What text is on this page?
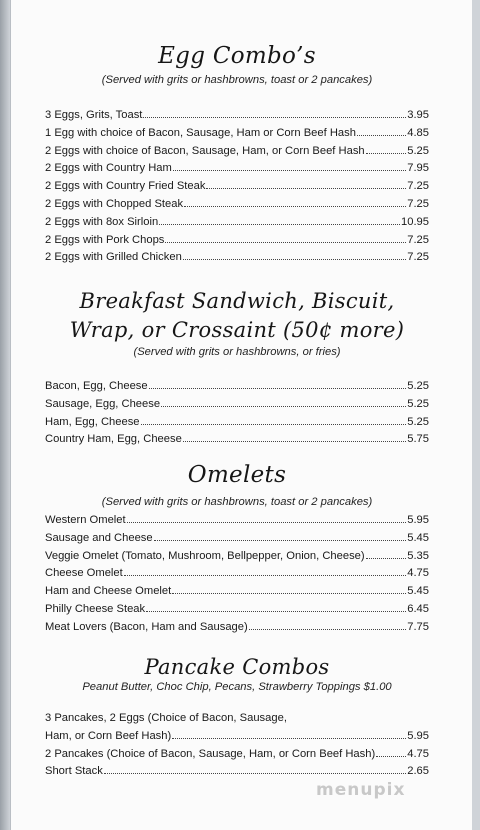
Egg Combo’s
(Served with grits or hashbrowns, toast or 2 pancakes)
3 Eggs, Grits, Toast	3.95
1 Egg with choice of Bacon, Sausage, Ham or Corn Beef Hash	4.85
2 Eggs with choice of Bacon, Sausage, Ham, or Corn Beef Hash	5.25
2 Eggs with Country Ham	7.95
2 Eggs with Country Fried Steak	7.25
2 Eggs with Chopped Steak	7.25
2 Eggs with 8ox Sirloin	10.95
2 Eggs with Pork Chops	7.25
2 Eggs with Grilled Chicken	7.25
Breakfast Sandwich, Biscuit,
Wrap, or Crossaint (50¢ more)
(Served with grits or hashbrowns, or fries)
Bacon, Egg, Cheese	5.25
Sausage, Egg, Cheese	5.25
Ham, Egg, Cheese	5.25
Country Ham, Egg, Cheese	5.75
Omelets
(Served with grits or hashbrowns, toast or 2 pancakes)
Western Omelet	5.95
Sausage and Cheese	5.45
Veggie Omelet (Tomato, Mushroom, Bellpepper, Onion, Cheese)	5.35
Cheese Omelet	4.75
Ham and Cheese Omelet	5.45
Philly Cheese Steak	6.45
Meat Lovers (Bacon, Ham and Sausage)	7.75
Pancake Combos
Peanut Butter, Choc Chip, Pecans, Strawberry Toppings $1.00
3 Pancakes, 2 Eggs (Choice of Bacon, Sausage,
Ham, or Corn Beef Hash)	5.95
2 Pancakes (Choice of Bacon, Sausage, Ham, or Corn Beef Hash)	4.75
Short Stack	2.65
menupix
